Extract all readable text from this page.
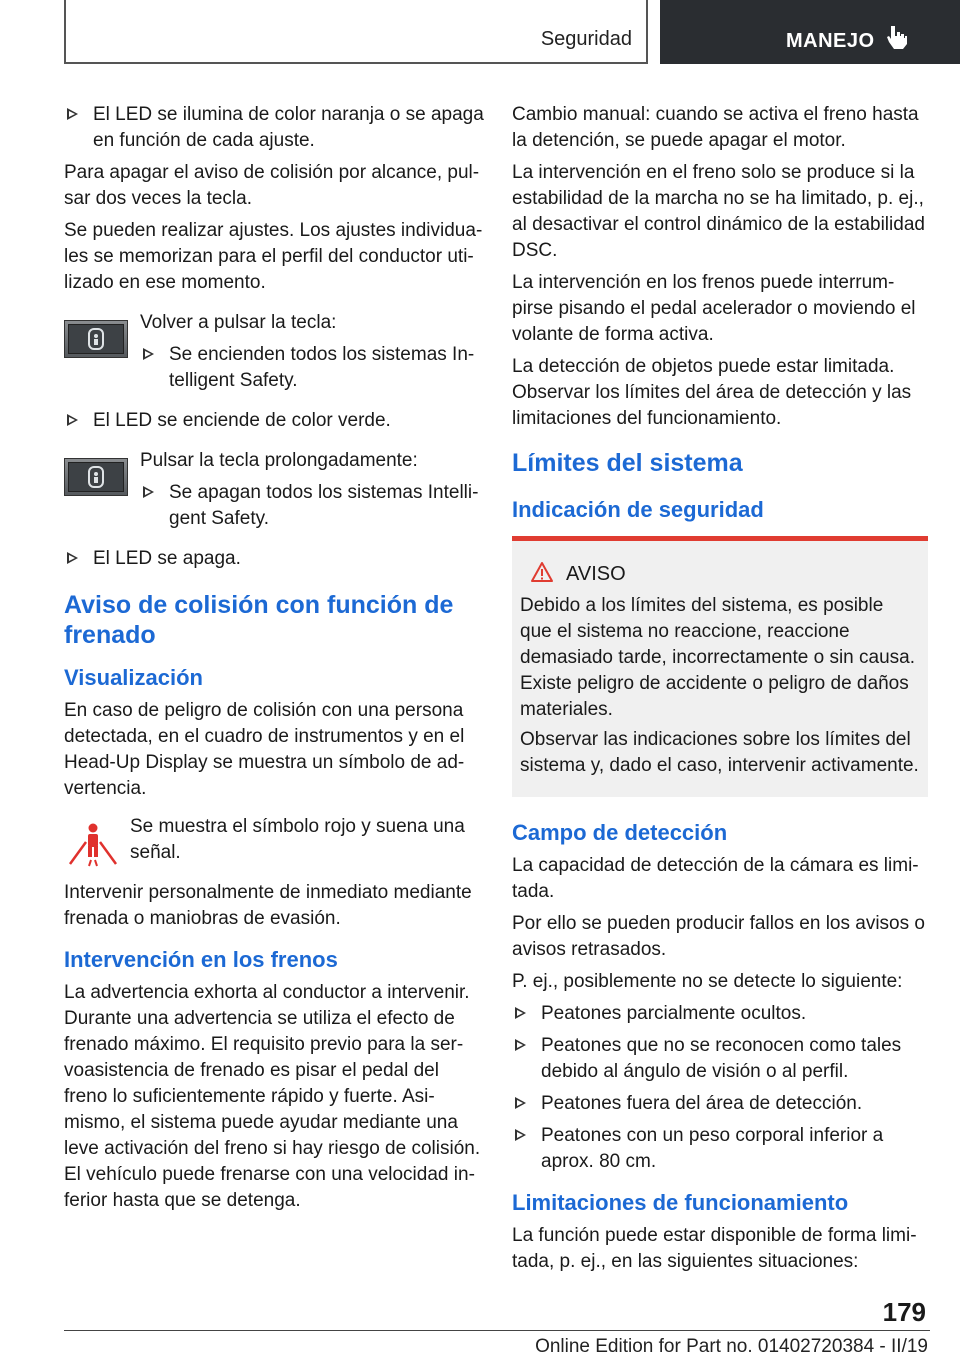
Seguridad	MANEJO
El LED se ilumina de color naranja o se apaga en función de cada ajuste.

Para apagar el aviso de colisión por alcance, pulsar dos veces la tecla.

Se pueden realizar ajustes. Los ajustes individuales se memorizan para el perfil del conductor utilizado en ese momento.

Volver a pulsar la tecla:

Se encienden todos los sistemas Intelligent Safety.
El LED se enciende de color verde.

Pulsar la tecla prolongadamente:

Se apagan todos los sistemas Intelligent Safety.
El LED se apaga.
Aviso de colisión con función de frenado
Visualización

En caso de peligro de colisión con una persona detectada, en el cuadro de instrumentos y en el Head-Up Display se muestra un símbolo de advertencia.

Se muestra el símbolo rojo y suena una señal.

Intervenir personalmente de inmediato mediante frenada o maniobras de evasión.

Intervención en los frenos

La advertencia exhorta al conductor a intervenir. Durante una advertencia se utiliza el efecto de frenado máximo. El requisito previo para la servoasistencia de frenado es pisar el pedal del freno lo suficientemente rápido y fuerte. Asimismo, el sistema puede ayudar mediante una leve activación del freno si hay riesgo de colisión. El vehículo puede frenarse con una velocidad inferior hasta que se detenga.

Cambio manual: cuando se activa el freno hasta la detención, se puede apagar el motor.

La intervención en el freno solo se produce si la estabilidad de la marcha no se ha limitado, p. ej., al desactivar el control dinámico de la estabilidad DSC.

La intervención en los frenos puede interrumpirse pisando el pedal acelerador o moviendo el volante de forma activa.

La detección de objetos puede estar limitada. Observar los límites del área de detección y las limitaciones del funcionamiento.

Límites del sistema
Indicación de seguridad
AVISO

Debido a los límites del sistema, es posible que el sistema no reaccione, reaccione demasiado tarde, incorrectamente o sin causa. Existe peligro de accidente o peligro de daños materiales.

Observar las indicaciones sobre los límites del sistema y, dado el caso, intervenir activamente.

Campo de detección

La capacidad de detección de la cámara es limitada.

Por ello se pueden producir fallos en los avisos o avisos retrasados.

P. ej., posiblemente no se detecte lo siguiente:

Peatones parcialmente ocultos.
Peatones que no se reconocen como tales debido al ángulo de visión o al perfil.
Peatones fuera del área de detección.
Peatones con un peso corporal inferior a aprox. 80 cm.
Limitaciones de funcionamiento

La función puede estar disponible de forma limitada, p. ej., en las siguientes situaciones:

179
Online Edition for Part no. 01402720384 - II/19
